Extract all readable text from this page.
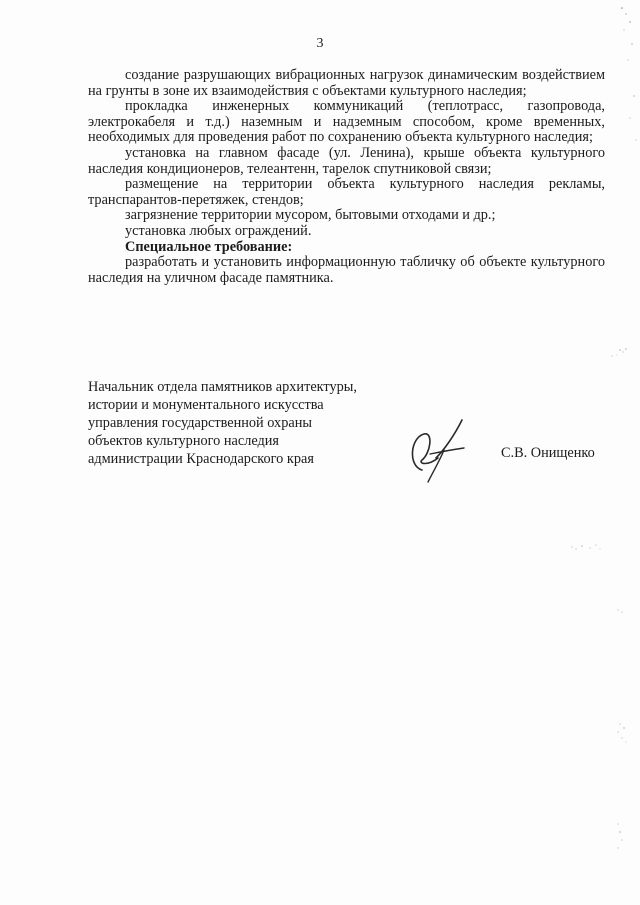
3

создание разрушающих вибрационных нагрузок динамическим воздействием на грунты в зоне их взаимодействия с объектами культурного наследия;

прокладка инженерных коммуникаций (теплотрасс, газопровода, электрокабеля и т.д.) наземным и надземным способом, кроме временных, необходимых для проведения работ по сохранению объекта культурного наследия;

установка на главном фасаде (ул. Ленина), крыше объекта культурного наследия кондиционеров, телеантенн, тарелок спутниковой связи;

размещение на территории объекта культурного наследия рекламы, транспарантов-перетяжек, стендов;

загрязнение территории мусором, бытовыми отходами и др.;

установка любых ограждений.

Специальное требование:

разработать и установить информационную табличку об объекте культурного наследия на уличном фасаде памятника.

Начальник отдела памятников архитектуры,
истории и монументального искусства
управления государственной охраны
объектов культурного наследия
администрации Краснодарского края	С.В. Онищенко
